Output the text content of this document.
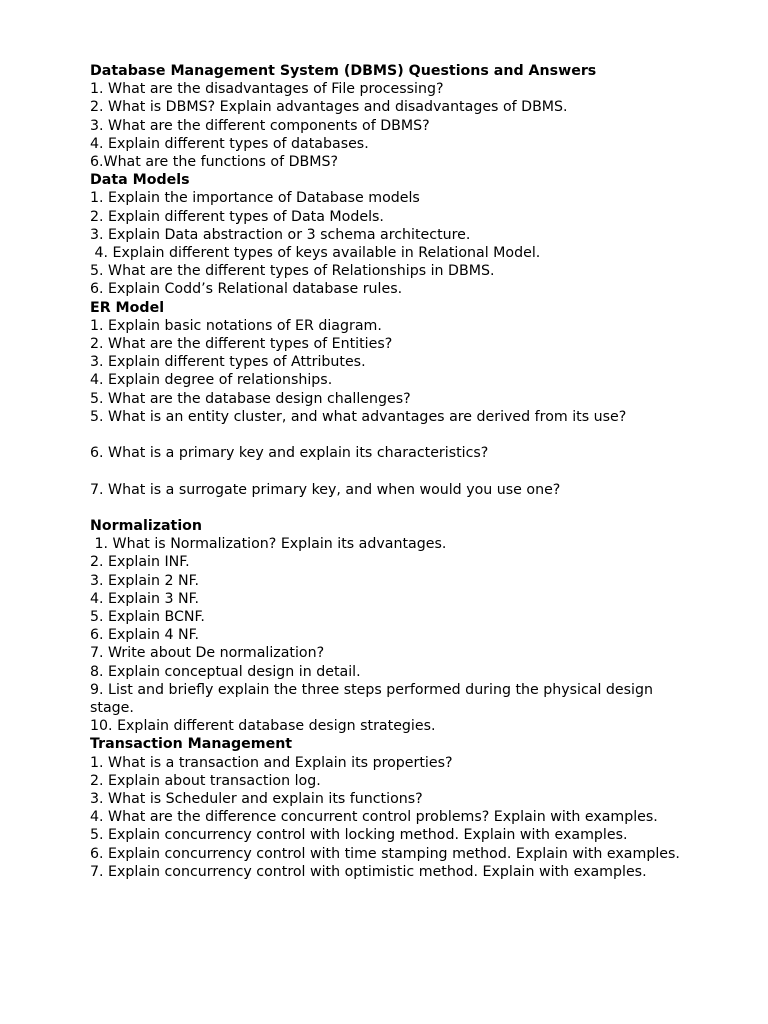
Database Management System (DBMS) Questions and Answers
1. What are the disadvantages of File processing?
2. What is DBMS? Explain advantages and disadvantages of DBMS.
3. What are the different components of DBMS?
4. Explain different types of databases.
6.What are the functions of DBMS?
Data Models
1. Explain the importance of Database models
2. Explain different types of Data Models.
3. Explain Data abstraction or 3 schema architecture.
4. Explain different types of keys available in Relational Model.
5. What are the different types of Relationships in DBMS.
6. Explain Codd’s Relational database rules.
ER Model
1. Explain basic notations of ER diagram.
2. What are the different types of Entities?
3. Explain different types of Attributes.
4. Explain degree of relationships.
5. What are the database design challenges?
5. What is an entity cluster, and what advantages are derived from its use?
6. What is a primary key and explain its characteristics?
7. What is a surrogate primary key, and when would you use one?
Normalization
1. What is Normalization? Explain its advantages.
2. Explain INF.
3. Explain 2 NF.
4. Explain 3 NF.
5. Explain BCNF.
6. Explain 4 NF.
7. Write about De normalization?
8. Explain conceptual design in detail.
9. List and briefly explain the three steps performed during the physical design stage.
10. Explain different database design strategies.
Transaction Management
1. What is a transaction and Explain its properties?
2. Explain about transaction log.
3. What is Scheduler and explain its functions?
4. What are the difference concurrent control problems? Explain with examples.
5. Explain concurrency control with locking method. Explain with examples.
6. Explain concurrency control with time stamping method. Explain with examples.
7. Explain concurrency control with optimistic method. Explain with examples.
